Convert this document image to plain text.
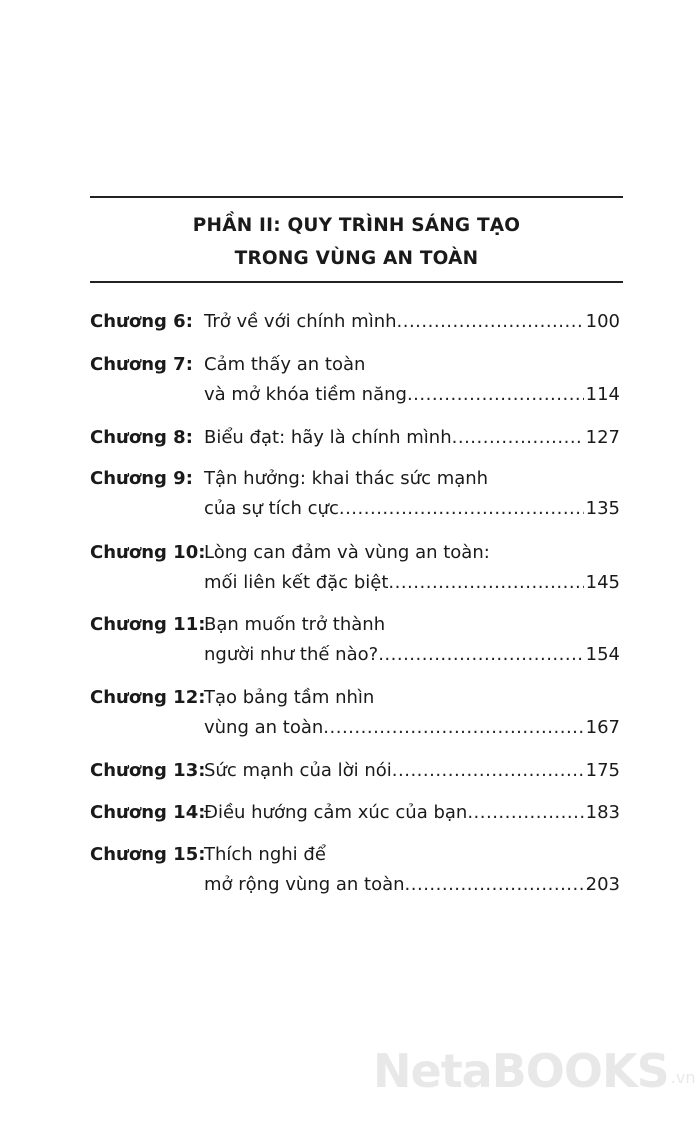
PHẦN II: QUY TRÌNH SÁNG TẠO
TRONG VÙNG AN TOÀN
Chương 6: Trở về với chính mình .....	100
Chương 7: Cảm thấy an toàn
và mở khóa tiềm năng .....	114
Chương 8: Biểu đạt: hãy là chính mình .....	127
Chương 9: Tận hưởng: khai thác sức mạnh
của sự tích cực .....	135
Chương 10:
Lòng can đảm và vùng an toàn:
mối liên kết đặc biệt .....	145
Chương 11:
Bạn muốn trở thành
người như thế nào? .....	154
Chương 12:
Tạo bảng tầm nhìn
vùng an toàn .....	167
Chương 13:
Sức mạnh của lời nói .....	175
Chương 14:
Điều hướng cảm xúc của bạn .....	183
Chương 15:
Thích nghi để
mở rộng vùng an toàn .....	203
NetaBOOKS .vn
